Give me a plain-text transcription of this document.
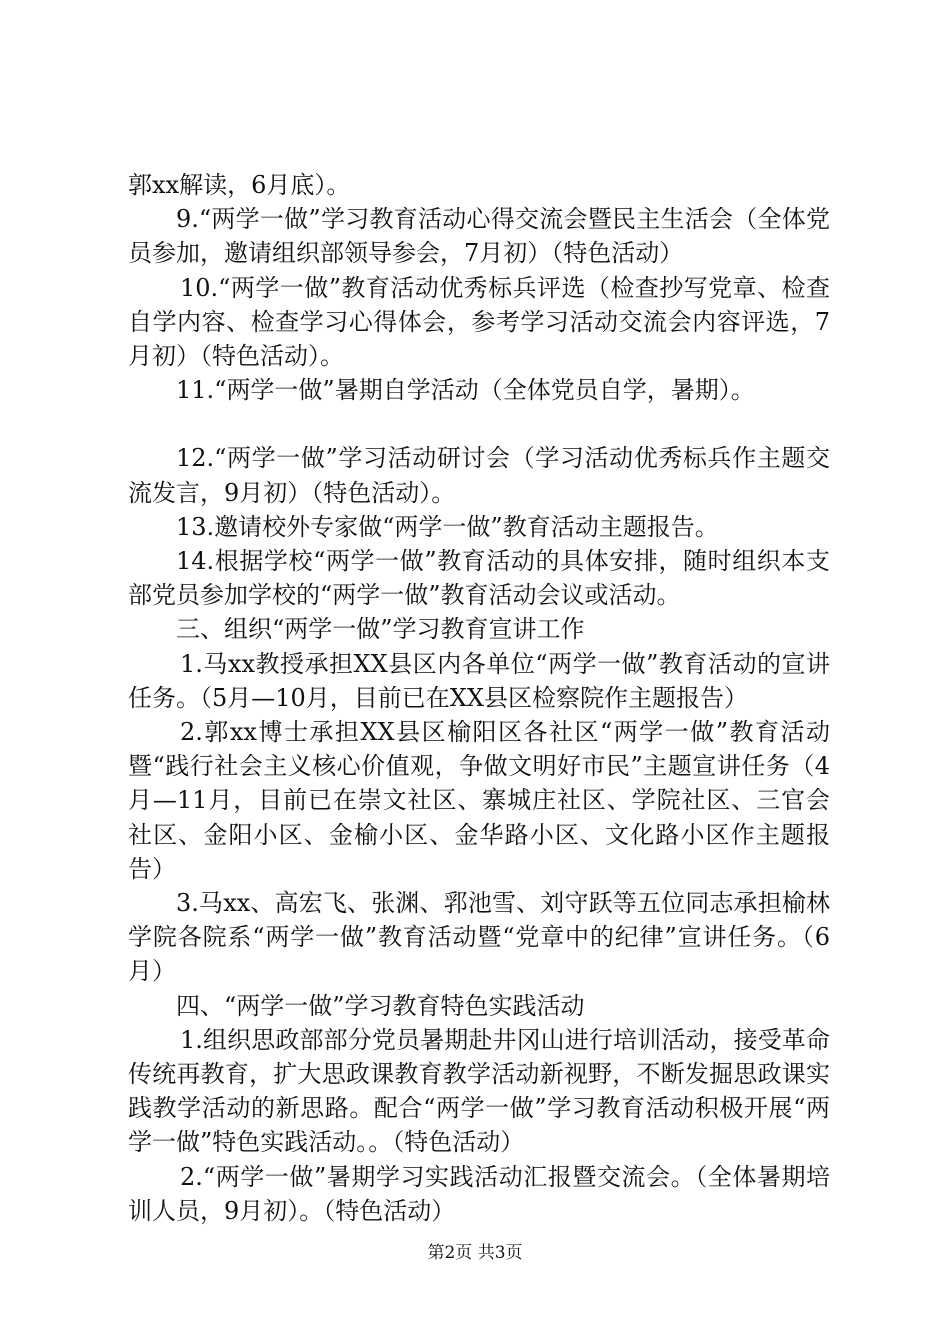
郭xx解读，6月底）。

9.“两学一做”学习教育活动心得交流会暨民主生活会（全体党员参加，邀请组织部领导参会，7月初）（特色活动）

10.“两学一做”教育活动优秀标兵评选（检查抄写党章、检查自学内容、检查学习心得体会，参考学习活动交流会内容评选，7月初）（特色活动）。

11.“两学一做”暑期自学活动（全体党员自学，暑期）。

12.“两学一做”学习活动研讨会（学习活动优秀标兵作主题交流发言，9月初）（特色活动）。

13.邀请校外专家做“两学一做”教育活动主题报告。

14.根据学校“两学一做”教育活动的具体安排，随时组织本支部党员参加学校的“两学一做”教育活动会议或活动。

三、组织“两学一做”学习教育宣讲工作

1.马xx教授承担XX县区内各单位“两学一做”教育活动的宣讲任务。（5月—10月，目前已在XX县区检察院作主题报告）

2.郭xx博士承担XX县区榆阳区各社区“两学一做”教育活动暨“践行社会主义核心价值观，争做文明好市民”主题宣讲任务（4月—11月，目前已在崇文社区、寨城庄社区、学院社区、三官会社区、金阳小区、金榆小区、金华路小区、文化路小区作主题报告）

3.马xx、高宏飞、张渊、郛池雪、刘守跃等五位同志承担榆林学院各院系“两学一做”教育活动暨“党章中的纪律”宣讲任务。（6月）

四、“两学一做”学习教育特色实践活动

1.组织思政部部分党员暑期赴井冈山进行培训活动，接受革命传统再教育，扩大思政课教育教学活动新视野，不断发掘思政课实践教学活动的新思路。配合“两学一做”学习教育活动积极开展“两学一做”特色实践活动。。（特色活动）

2.“两学一做”暑期学习实践活动汇报暨交流会。（全体暑期培训人员，9月初）。（特色活动）

第2页 共3页
